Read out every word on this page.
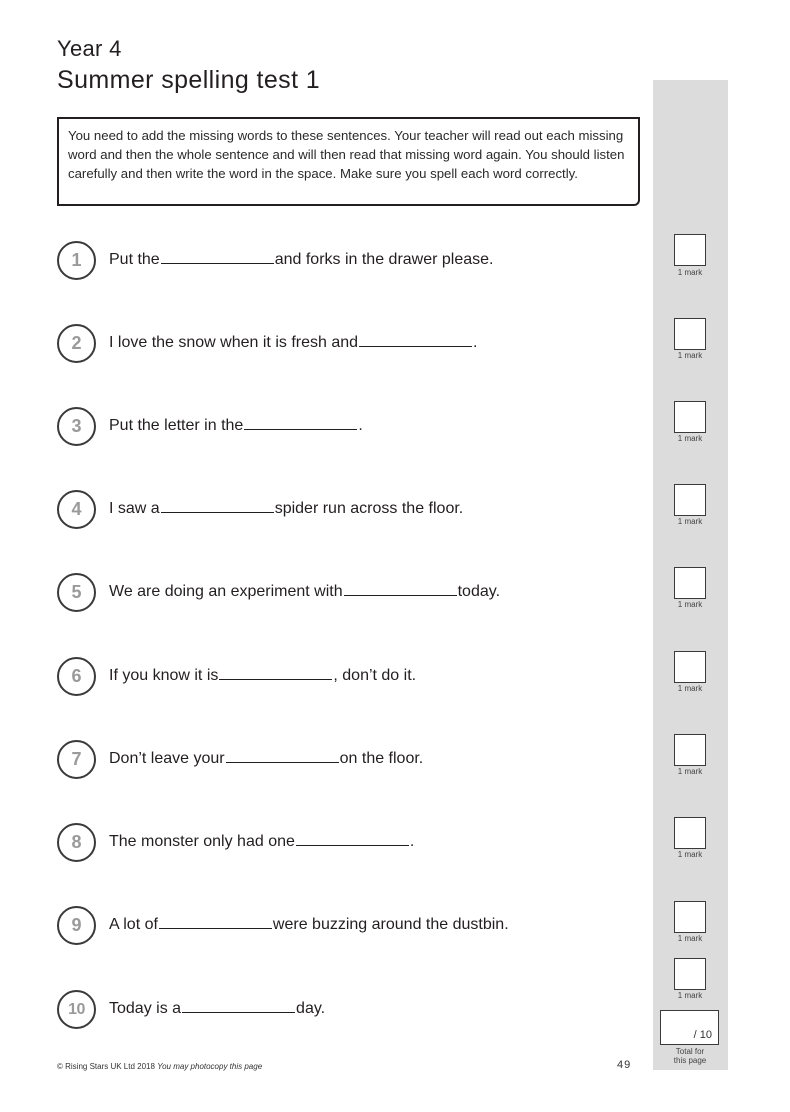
Year 4
Summer spelling test 1
You need to add the missing words to these sentences. Your teacher will read out each missing word and then the whole sentence and will then read that missing word again. You should listen carefully and then write the word in the space. Make sure you spell each word correctly.
1	Put the	and forks in the drawer please.
1 mark
2	I love the snow when it is fresh and	.
1 mark
3	Put the letter in the	.
1 mark
4	I saw a	spider run across the floor.
1 mark
5	We are doing an experiment with	today.
1 mark
6	If you know it is	, don’t do it.
1 mark
7	Don’t leave your	on the floor.
1 mark
8	The monster only had one	.
1 mark
9	A lot of	were buzzing around the dustbin.
1 mark
10	Today is a	day.
1 mark
/ 10
Total for
this page
© Rising Stars UK Ltd 2018 You may photocopy this page	49
